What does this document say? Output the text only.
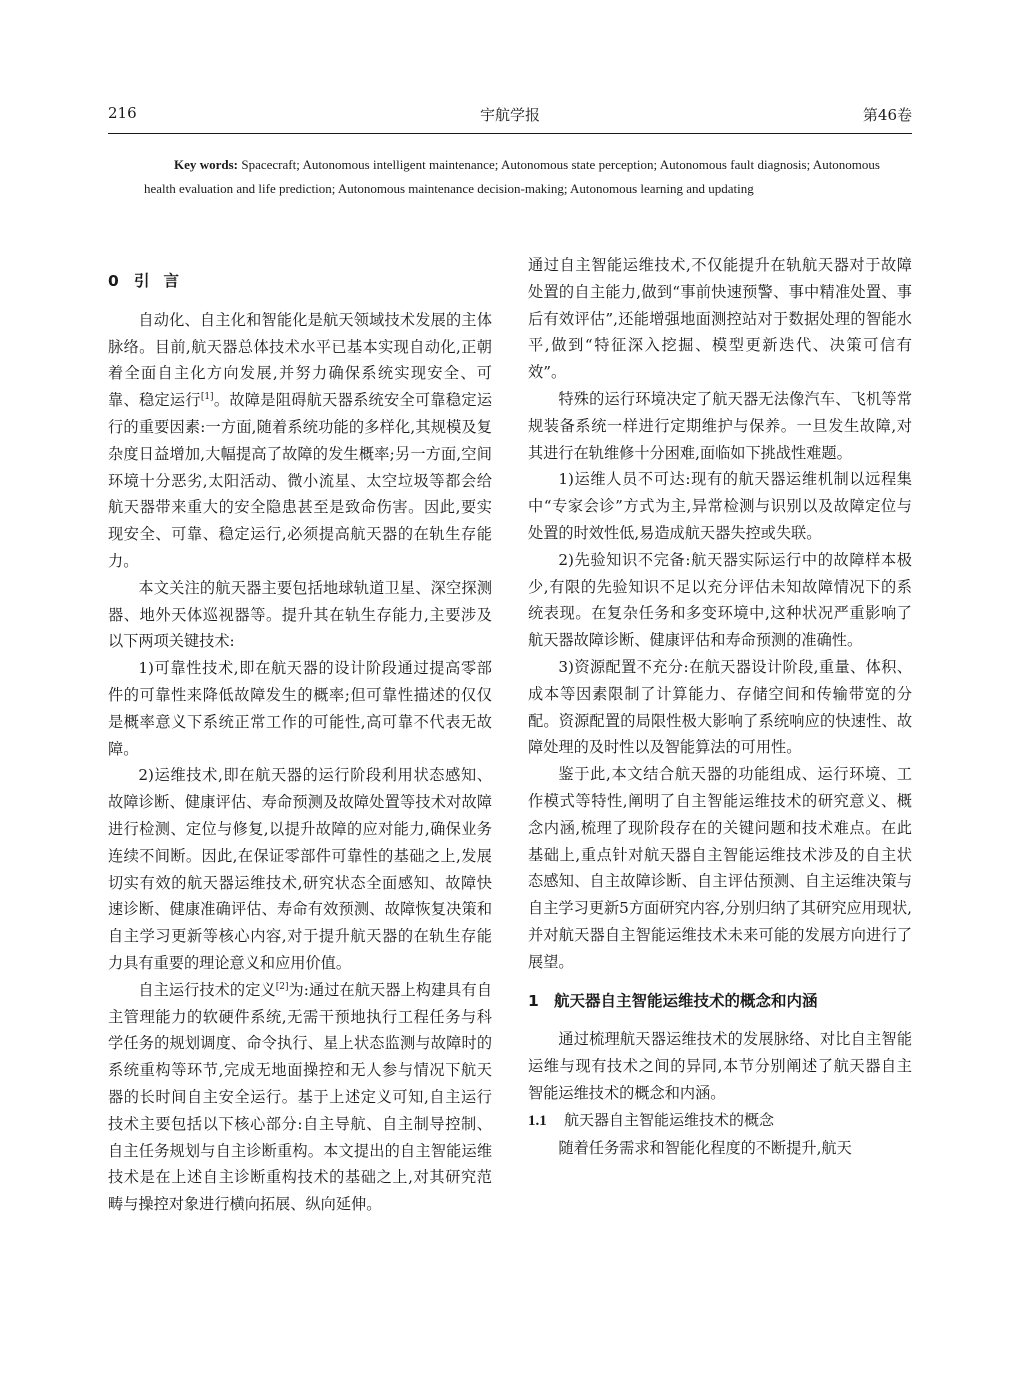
216	宇航学报	第46卷
Key words: Spacecraft; Autonomous intelligent maintenance; Autonomous state perception; Autonomous fault diagnosis; Autonomous health evaluation and life prediction; Autonomous maintenance decision-making; Autonomous learning and updating

0 引言

自动化、自主化和智能化是航天领域技术发展的主体脉络。目前,航天器总体技术水平已基本实现自动化,正朝着全面自主化方向发展,并努力确保系统实现安全、可靠、稳定运行[1]。故障是阻碍航天器系统安全可靠稳定运行的重要因素:一方面,随着系统功能的多样化,其规模及复杂度日益增加,大幅提高了故障的发生概率;另一方面,空间环境十分恶劣,太阳活动、微小流星、太空垃圾等都会给航天器带来重大的安全隐患甚至是致命伤害。因此,要实现安全、可靠、稳定运行,必须提高航天器的在轨生存能力。

本文关注的航天器主要包括地球轨道卫星、深空探测器、地外天体巡视器等。提升其在轨生存能力,主要涉及以下两项关键技术:

1)可靠性技术,即在航天器的设计阶段通过提高零部件的可靠性来降低故障发生的概率;但可靠性描述的仅仅是概率意义下系统正常工作的可能性,高可靠不代表无故障。

2)运维技术,即在航天器的运行阶段利用状态感知、故障诊断、健康评估、寿命预测及故障处置等技术对故障进行检测、定位与修复,以提升故障的应对能力,确保业务连续不间断。因此,在保证零部件可靠性的基础之上,发展切实有效的航天器运维技术,研究状态全面感知、故障快速诊断、健康准确评估、寿命有效预测、故障恢复决策和自主学习更新等核心内容,对于提升航天器的在轨生存能力具有重要的理论意义和应用价值。

自主运行技术的定义[2]为:通过在航天器上构建具有自主管理能力的软硬件系统,无需干预地执行工程任务与科学任务的规划调度、命令执行、星上状态监测与故障时的系统重构等环节,完成无地面操控和无人参与情况下航天器的长时间自主安全运行。基于上述定义可知,自主运行技术主要包括以下核心部分:自主导航、自主制导控制、自主任务规划与自主诊断重构。本文提出的自主智能运维技术是在上述自主诊断重构技术的基础之上,对其研究范畴与操控对象进行横向拓展、纵向延伸。

通过自主智能运维技术,不仅能提升在轨航天器对于故障处置的自主能力,做到“事前快速预警、事中精准处置、事后有效评估”,还能增强地面测控站对于数据处理的智能水平,做到“特征深入挖掘、模型更新迭代、决策可信有效”。

特殊的运行环境决定了航天器无法像汽车、飞机等常规装备系统一样进行定期维护与保养。一旦发生故障,对其进行在轨维修十分困难,面临如下挑战性难题。

1)运维人员不可达:现有的航天器运维机制以远程集中“专家会诊”方式为主,异常检测与识别以及故障定位与处置的时效性低,易造成航天器失控或失联。

2)先验知识不完备:航天器实际运行中的故障样本极少,有限的先验知识不足以充分评估未知故障情况下的系统表现。在复杂任务和多变环境中,这种状况严重影响了航天器故障诊断、健康评估和寿命预测的准确性。

3)资源配置不充分:在航天器设计阶段,重量、体积、成本等因素限制了计算能力、存储空间和传输带宽的分配。资源配置的局限性极大影响了系统响应的快速性、故障处理的及时性以及智能算法的可用性。

鉴于此,本文结合航天器的功能组成、运行环境、工作模式等特性,阐明了自主智能运维技术的研究意义、概念内涵,梳理了现阶段存在的关键问题和技术难点。在此基础上,重点针对航天器自主智能运维技术涉及的自主状态感知、自主故障诊断、自主评估预测、自主运维决策与自主学习更新5方面研究内容,分别归纳了其研究应用现状,并对航天器自主智能运维技术未来可能的发展方向进行了展望。

1 航天器自主智能运维技术的概念和内涵

通过梳理航天器运维技术的发展脉络、对比自主智能运维与现有技术之间的异同,本节分别阐述了航天器自主智能运维技术的概念和内涵。

1.1 航天器自主智能运维技术的概念

随着任务需求和智能化程度的不断提升,航天
